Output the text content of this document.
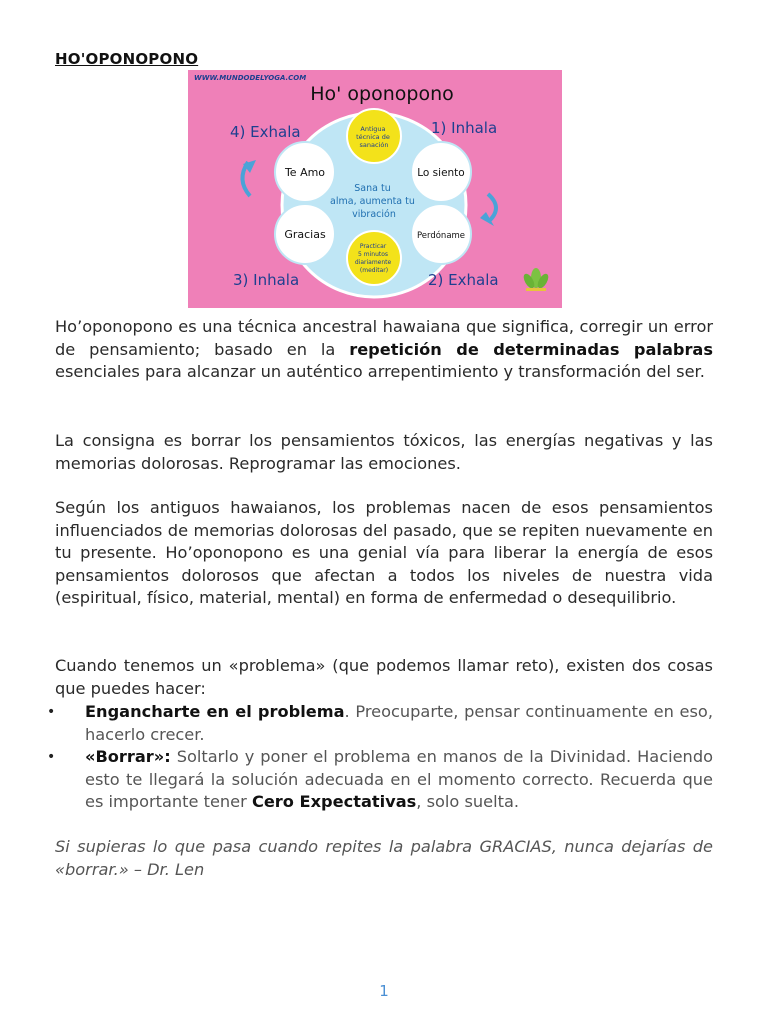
HO'OPONOPONO
WWW.MUNDODELYOGA.COM
Ho' oponopono
4) Exhala	1) Inhala
3) Inhala	2) Exhala
Antigua técnica de sanación
Practicar 5 minutos diariamente (meditar)
Te Amo	Lo siento
Gracias	Perdóname
Sana tu alma, aumenta tu vibración

Ho’oponopono es una técnica ancestral hawaiana que significa, corregir un error de pensamiento; basado en la repetición de determinadas palabras esenciales para alcanzar un auténtico arrepentimiento y transformación del ser.

La consigna es borrar los pensamientos tóxicos, las energías negativas y las memorias dolorosas. Reprogramar las emociones.

Según los antiguos hawaianos, los problemas nacen de esos pensamientos influenciados de memorias dolorosas del pasado, que se repiten nuevamente en tu presente. Ho’oponopono es una genial vía para liberar la energía de esos pensamientos dolorosos que afectan a todos los niveles de nuestra vida (espiritual, físico, material, mental) en forma de enfermedad o desequilibrio.

Cuando tenemos un «problema» (que podemos llamar reto), existen dos cosas que puedes hacer:

• Engancharte en el problema. Preocuparte, pensar continuamente en eso, hacerlo crecer.
• «Borrar»: Soltarlo y poner el problema en manos de la Divinidad. Haciendo esto te llegará la solución adecuada en el momento correcto. Recuerda que es importante tener Cero Expectativas, solo suelta.

Si supieras lo que pasa cuando repites la palabra GRACIAS, nunca dejarías de «borrar.» – Dr. Len

1
